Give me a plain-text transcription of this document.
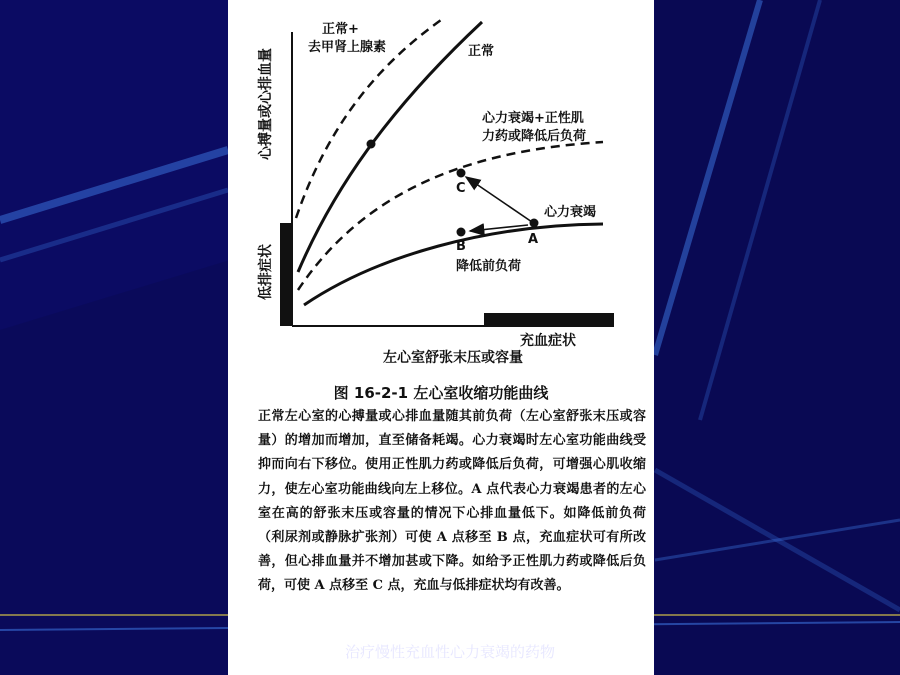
C
A
B
正常+
去甲肾上腺素	正常
心力衰竭+正性肌
力药或降低后负荷
心力衰竭
降低前负荷
心搏量或心排血量
低排症状
充血症状
左心室舒张末压或容量
图 16-2-1 左心室收缩功能曲线
正常左心室的心搏量或心排血量随其前负荷（左心室舒张末压或容量）的增加而增加，直至储备耗竭。心力衰竭时左心室功能曲线受抑而向右下移位。使用正性肌力药或降低后负荷，可增强心肌收缩力，使左心室功能曲线向左上移位。A 点代表心力衰竭患者的左心室在高的舒张末压或容量的情况下心排血量低下。如降低前负荷（利尿剂或静脉扩张剂）可使 A 点移至 B 点，充血症状可有所改善，但心排血量并不增加甚或下降。如给予正性肌力药或降低后负荷，可使 A 点移至 C 点，充血与低排症状均有改善。
治疗慢性充血性心力衰竭的药物
